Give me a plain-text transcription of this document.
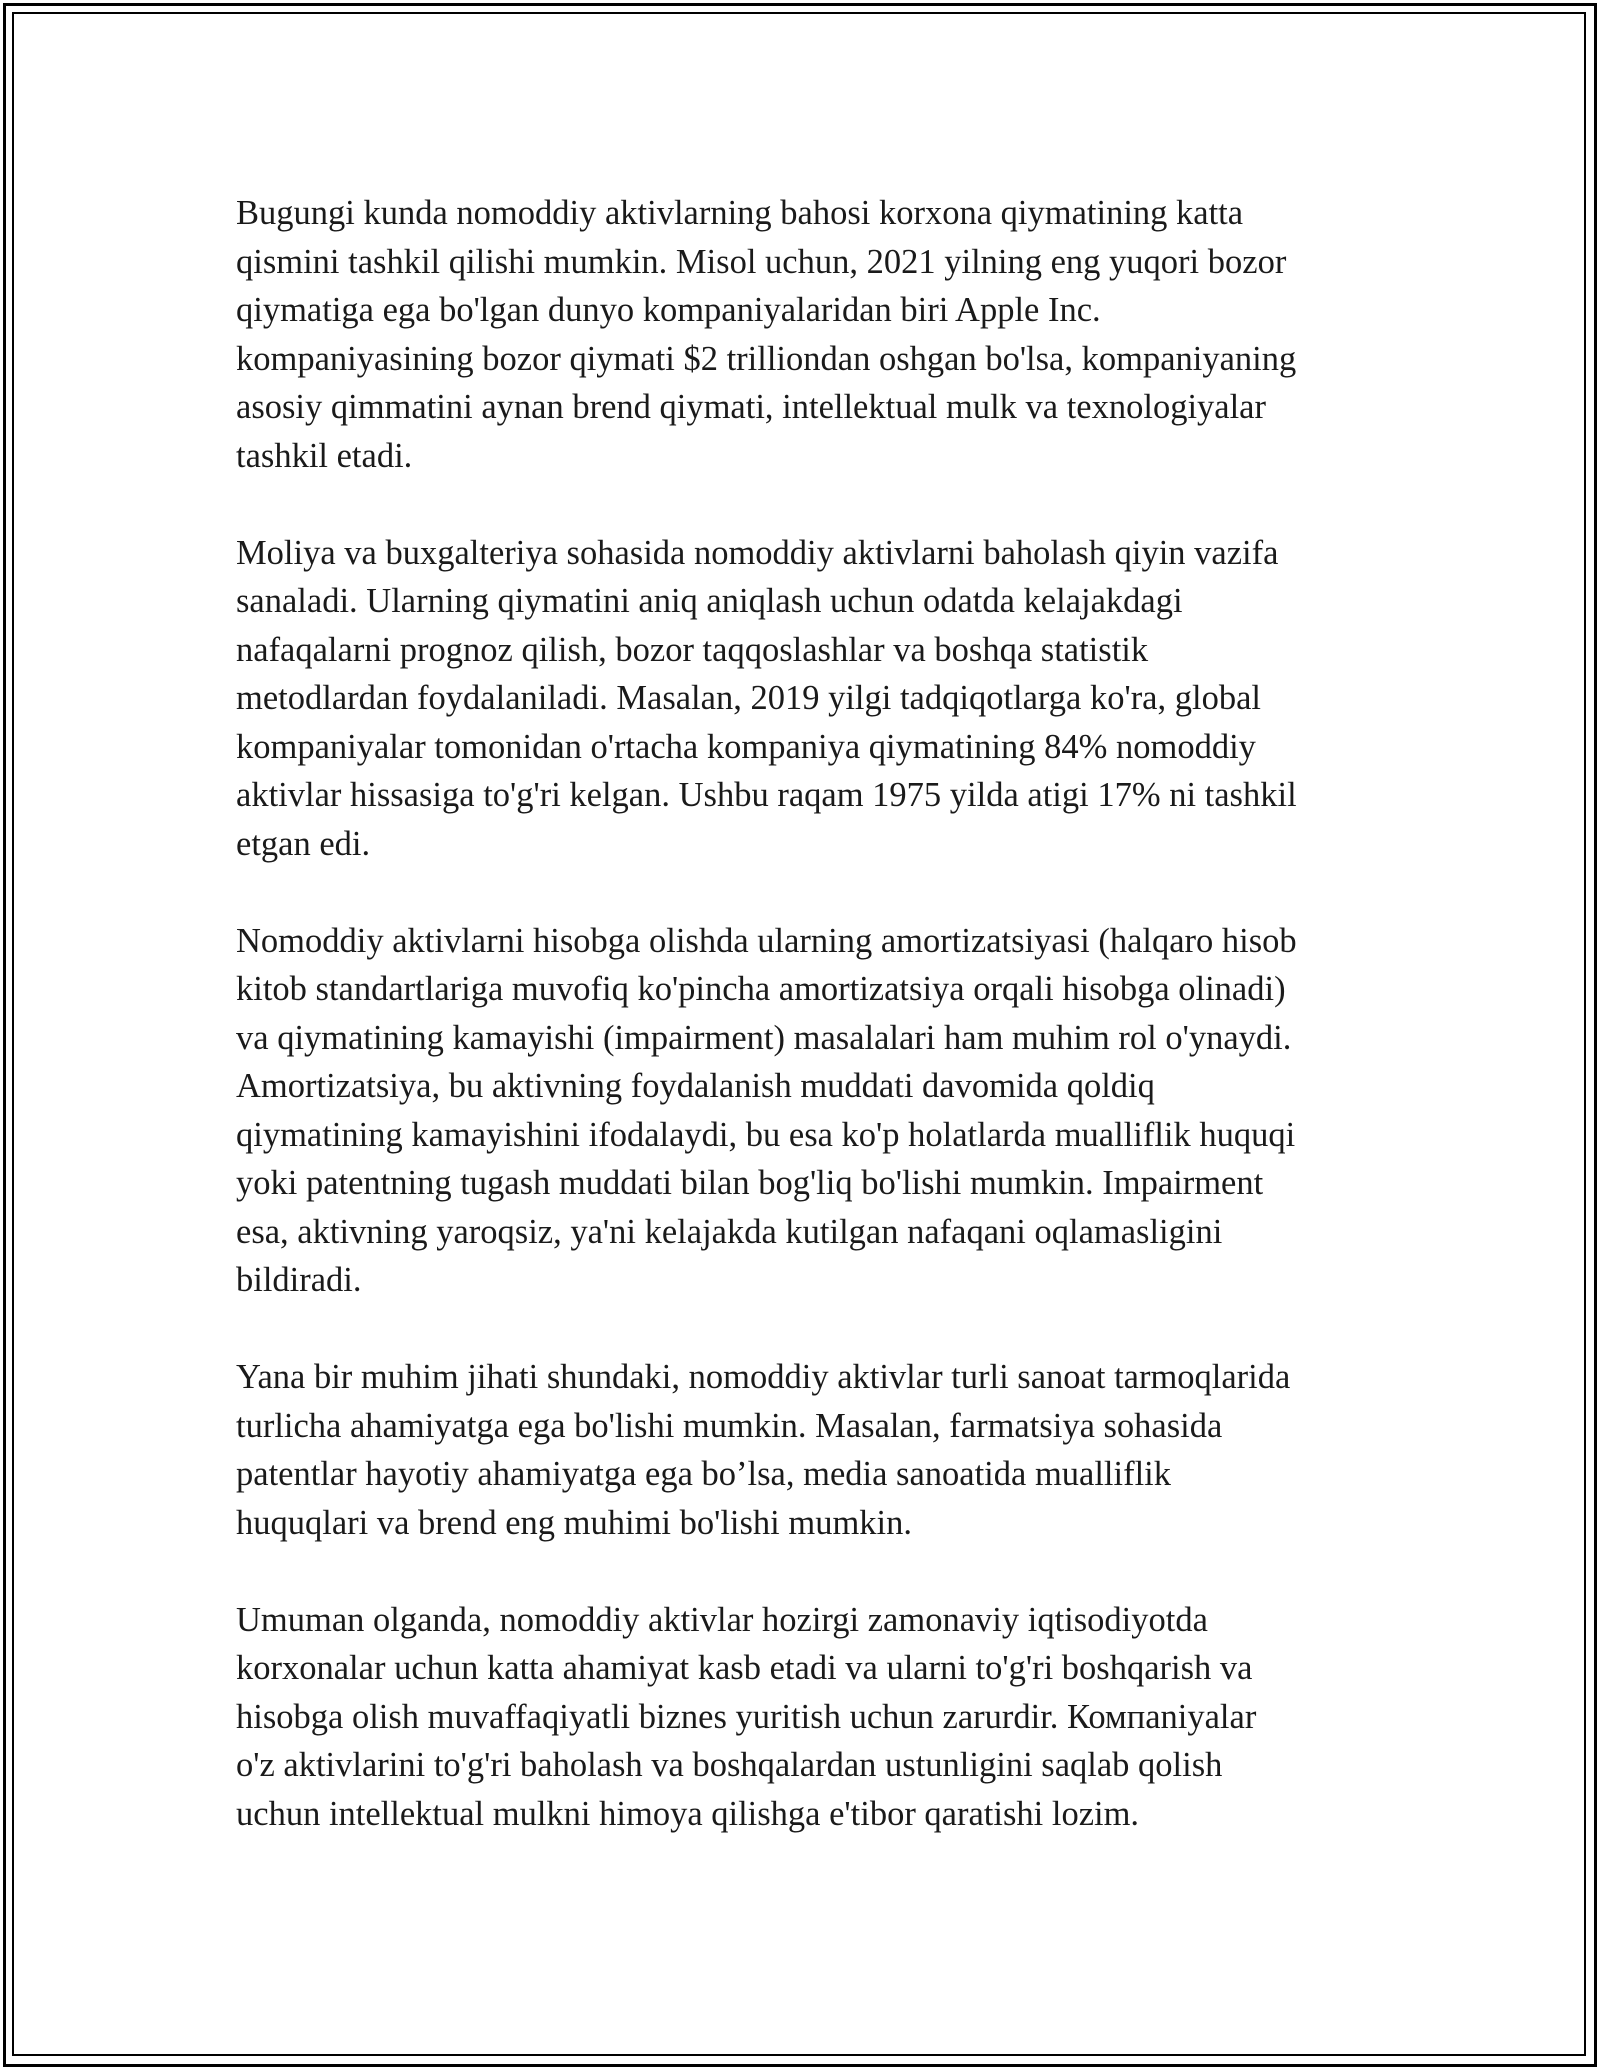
Bugungi kunda nomoddiy aktivlarning bahosi korxona qiymatining katta
qismini tashkil qilishi mumkin. Misol uchun, 2021 yilning eng yuqori bozor
qiymatiga ega bo'lgan dunyo kompaniyalaridan biri Apple Inc.
kompaniyasining bozor qiymati $2 trilliondan oshgan bo'lsa, kompaniyaning
asosiy qimmatini aynan brend qiymati, intellektual mulk va texnologiyalar
tashkil etadi.

Moliya va buxgalteriya sohasida nomoddiy aktivlarni baholash qiyin vazifa
sanaladi. Ularning qiymatini aniq aniqlash uchun odatda kelajakdagi
nafaqalarni prognoz qilish, bozor taqqoslashlar va boshqa statistik
metodlardan foydalaniladi. Masalan, 2019 yilgi tadqiqotlarga ko'ra, global
kompaniyalar tomonidan o'rtacha kompaniya qiymatining 84% nomoddiy
aktivlar hissasiga to'g'ri kelgan. Ushbu raqam 1975 yilda atigi 17% ni tashkil
etgan edi.

Nomoddiy aktivlarni hisobga olishda ularning amortizatsiyasi (halqaro hisob
kitob standartlariga muvofiq ko'pincha amortizatsiya orqali hisobga olinadi)
va qiymatining kamayishi (impairment) masalalari ham muhim rol o'ynaydi.
Amortizatsiya, bu aktivning foydalanish muddati davomida qoldiq
qiymatining kamayishini ifodalaydi, bu esa ko'p holatlarda mualliflik huquqi
yoki patentning tugash muddati bilan bog'liq bo'lishi mumkin. Impairment
esa, aktivning yaroqsiz, ya'ni kelajakda kutilgan nafaqani oqlamasligini
bildiradi.

Yana bir muhim jihati shundaki, nomoddiy aktivlar turli sanoat tarmoqlarida
turlicha ahamiyatga ega bo'lishi mumkin. Masalan, farmatsiya sohasida
patentlar hayotiy ahamiyatga ega bo’lsa, media sanoatida mualliflik
huquqlari va brend eng muhimi bo'lishi mumkin.

Umuman olganda, nomoddiy aktivlar hozirgi zamonaviy iqtisodiyotda
korxonalar uchun katta ahamiyat kasb etadi va ularni to'g'ri boshqarish va
hisobga olish muvaffaqiyatli biznes yuritish uchun zarurdir. Компaniyalar
o'z aktivlarini to'g'ri baholash va boshqalardan ustunligini saqlab qolish
uchun intellektual mulkni himoya qilishga e'tibor qaratishi lozim.
